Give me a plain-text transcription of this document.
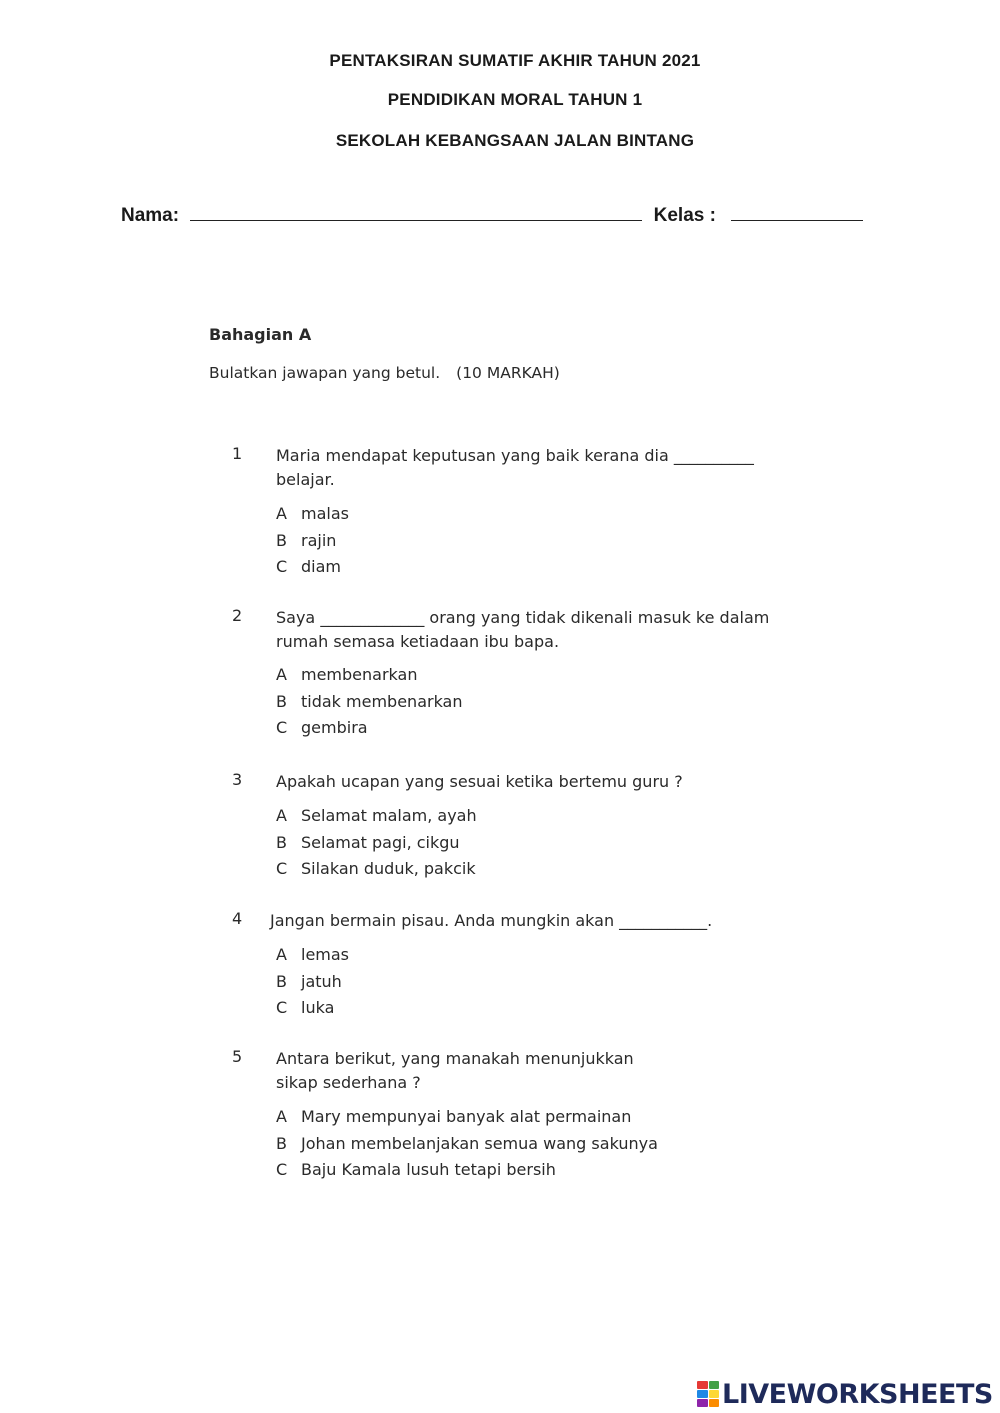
PENTAKSIRAN SUMATIF AKHIR TAHUN 2021
PENDIDIKAN MORAL TAHUN 1
SEKOLAH KEBANGSAAN JALAN BINTANG
Nama:	Kelas :
Bahagian A
Bulatkan jawapan yang betul. (10 MARKAH)
1 Maria mendapat keputusan yang baik kerana dia __________ belajar.
A malas
B rajin
C diam
2 Saya _____________ orang yang tidak dikenali masuk ke dalam rumah semasa ketiadaan ibu bapa.
A membenarkan
B tidak membenarkan
C gembira
3 Apakah ucapan yang sesuai ketika bertemu guru ?
A Selamat malam, ayah
B Selamat pagi, cikgu
C Silakan duduk, pakcik
4 Jangan bermain pisau. Anda mungkin akan ___________.
A lemas
B jatuh
C luka
5 Antara berikut, yang manakah menunjukkan sikap sederhana ?
A Mary mempunyai banyak alat permainan
B Johan membelanjakan semua wang sakunya
C Baju Kamala lusuh tetapi bersih
LIVEWORKSHEETS
